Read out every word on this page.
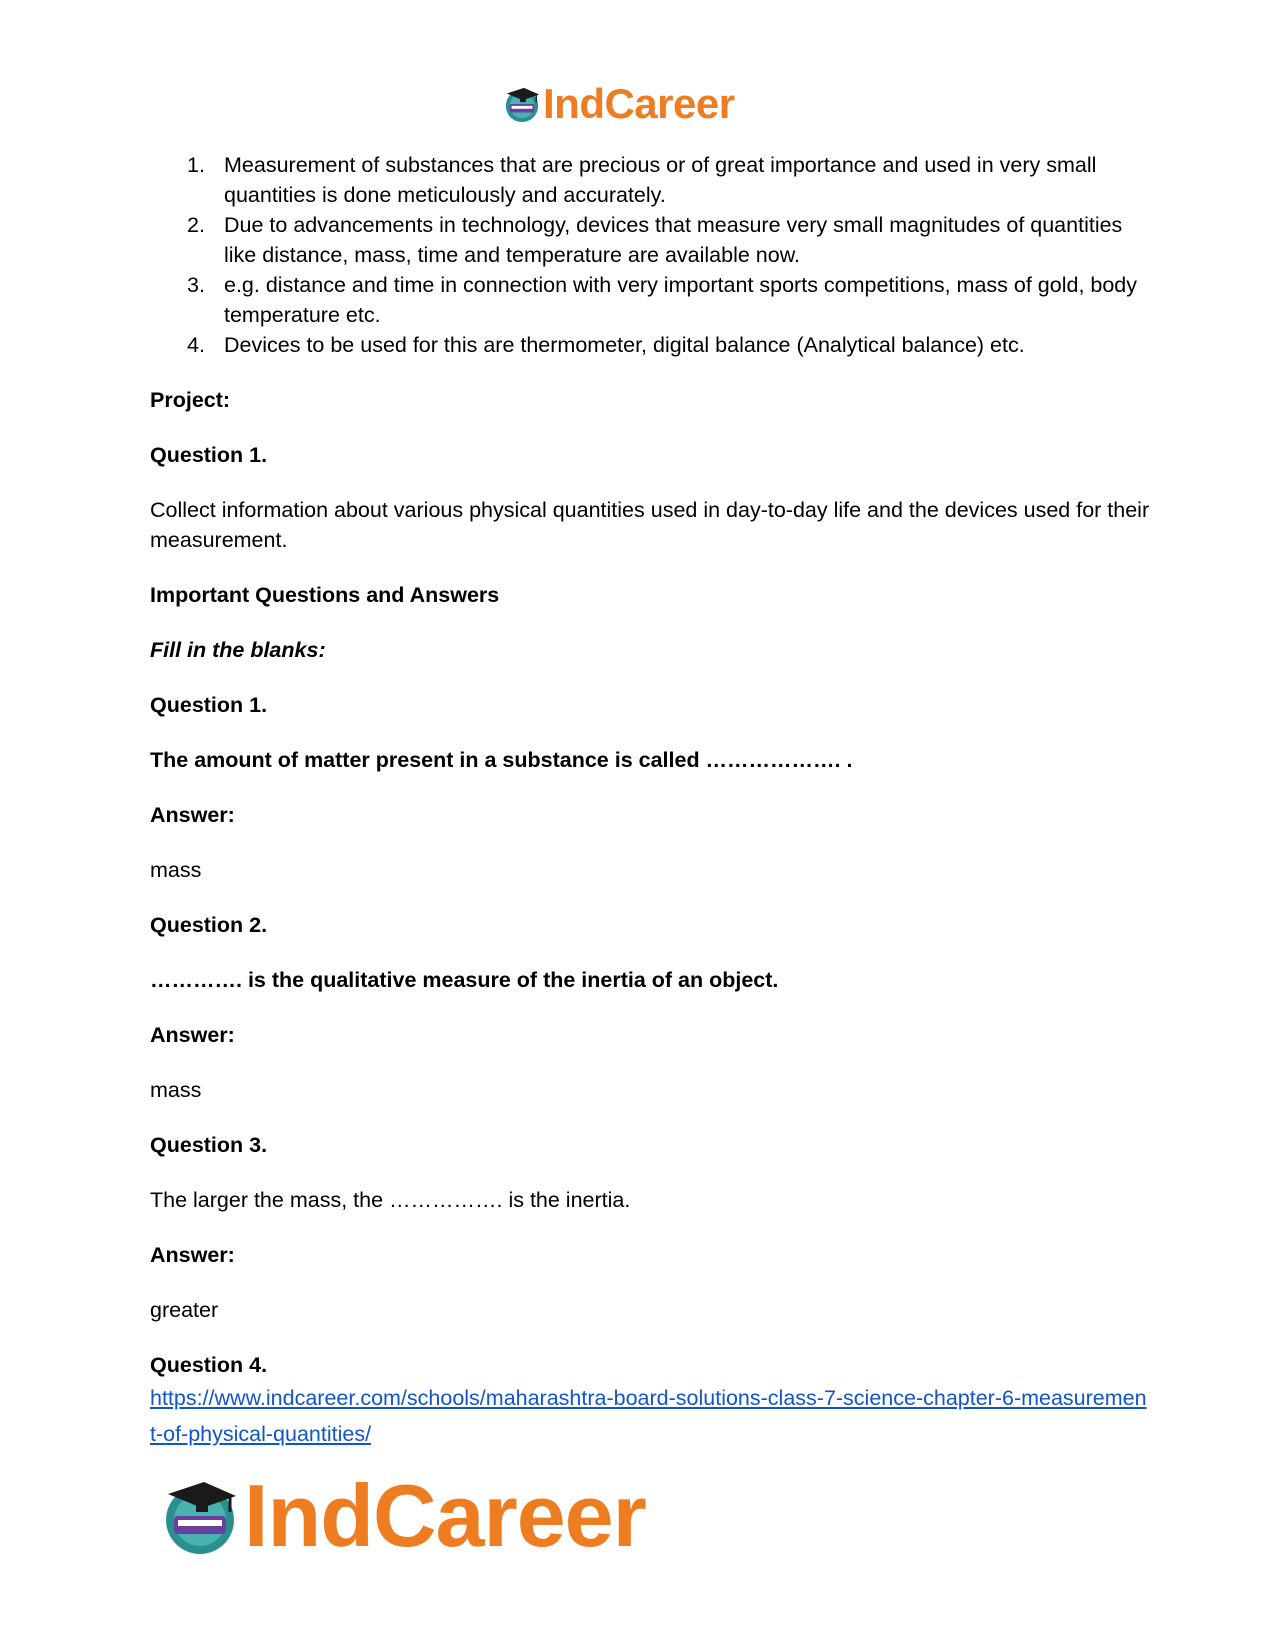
IndCareer
1. Measurement of substances that are precious or of great importance and used in very small quantities is done meticulously and accurately.
2. Due to advancements in technology, devices that measure very small magnitudes of quantities like distance, mass, time and temperature are available now.
3. e.g. distance and time in connection with very important sports competitions, mass of gold, body temperature etc.
4. Devices to be used for this are thermometer, digital balance (Analytical balance) etc.

Project:

Question 1.

Collect information about various physical quantities used in day-to-day life and the devices used for their measurement.

Important Questions and Answers

Fill in the blanks:

Question 1.

The amount of matter present in a substance is called ………………. .

Answer:

mass

Question 2.

…………. is the qualitative measure of the inertia of an object.

Answer:

mass

Question 3.

The larger the mass, the ……………. is the inertia.

Answer:

greater

Question 4.

https://www.indcareer.com/schools/maharashtra-board-solutions-class-7-science-chapter-6-measurement-of-physical-quantities/

IndCareer
